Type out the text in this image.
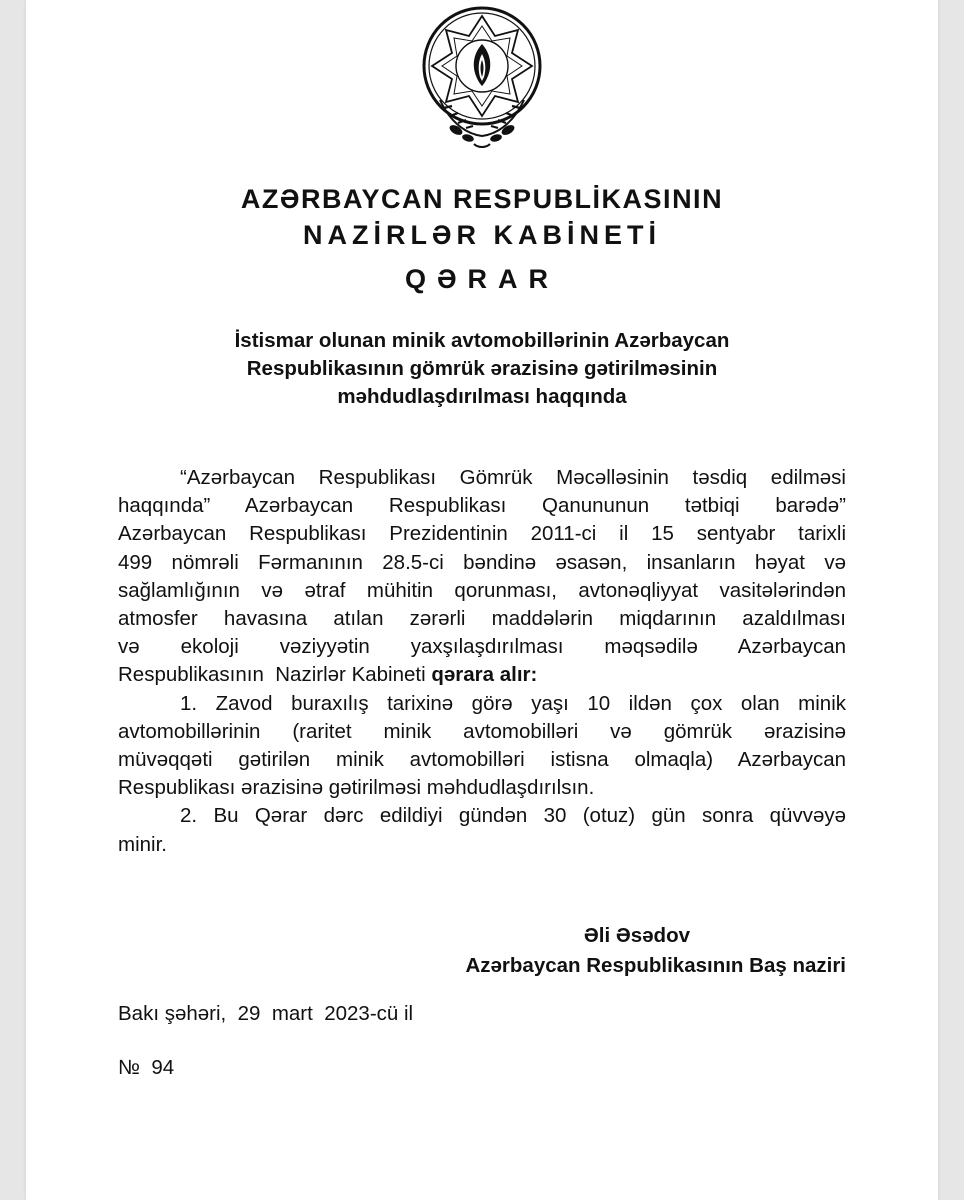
AZƏRBAYCAN RESPUBLİKASININ
NAZİRLƏR KABİNETİ
QƏRAR
İstismar olunan minik avtomobillərinin Azərbaycan
Respublikasının gömrük ərazisinə gətirilməsinin
məhdudlaşdırılması haqqında
“Azərbaycan Respublikası Gömrük Məcəlləsinin təsdiq edilməsi
haqqında” Azərbaycan Respublikası Qanununun tətbiqi barədə”
Azərbaycan Respublikası Prezidentinin 2011-ci il 15 sentyabr tarixli
499 nömrəli Fərmanının 28.5-ci bəndinə əsasən, insanların həyat və
sağlamlığının və ətraf mühitin qorunması, avtonəqliyyat vasitələrindən
atmosfer havasına atılan zərərli maddələrin miqdarının azaldılması
və ekoloji vəziyyətin yaxşılaşdırılması məqsədilə Azərbaycan
Respublikasının  Nazirlər Kabineti qərara alır:
1. Zavod buraxılış tarixinə görə yaşı 10 ildən çox olan minik
avtomobillərinin (raritet minik avtomobilləri və gömrük ərazisinə
müvəqqəti gətirilən minik avtomobilləri istisna olmaqla) Azərbaycan
Respublikası ərazisinə gətirilməsi məhdudlaşdırılsın.
2. Bu Qərar dərc edildiyi gündən 30 (otuz) gün sonra qüvvəyə
minir.
Əli Əsədov
Azərbaycan Respublikasının Baş naziri
Bakı şəhəri,  29  mart  2023-cü il
№  94
